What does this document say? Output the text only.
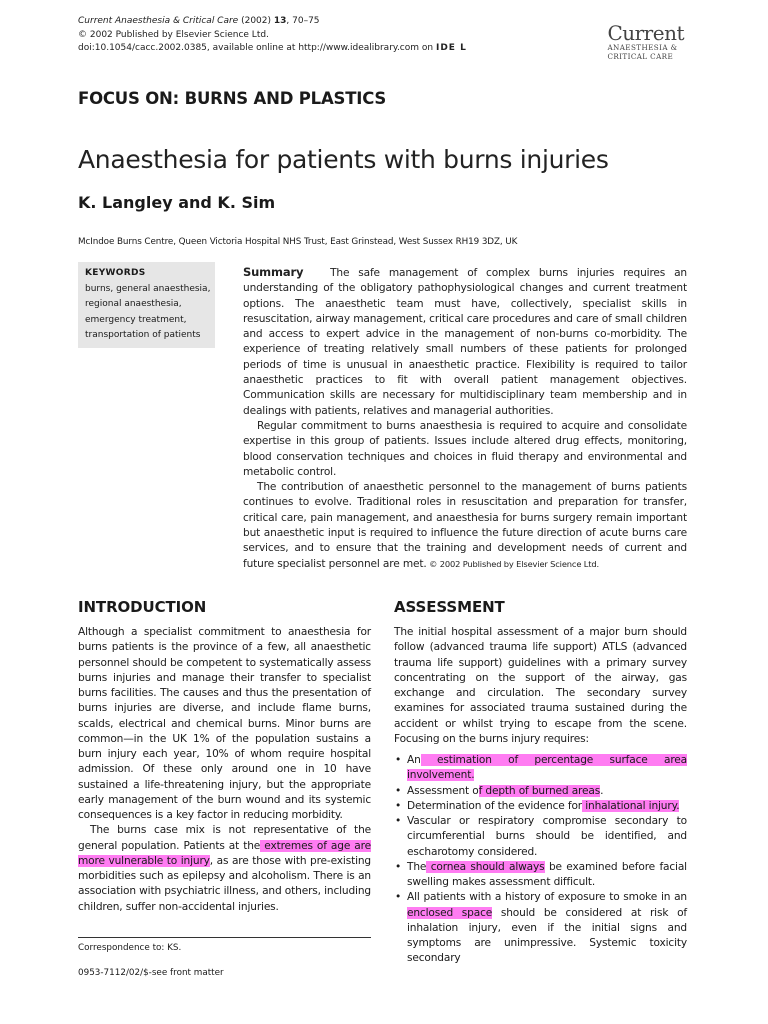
Current Anaesthesia & Critical Care (2002) 13, 70–75
© 2002 Published by Elsevier Science Ltd.
doi:10.1054/cacc.2002.0385, available online at http://www.idealibrary.com on IDE L
Current
ANAESTHESIA &
CRITICAL CARE
FOCUS ON: BURNS AND PLASTICS
Anaesthesia for patients with burns injuries
K. Langley and K. Sim
McIndoe Burns Centre, Queen Victoria Hospital NHS Trust, East Grinstead, West Sussex RH19 3DZ, UK
KEYWORDS
burns, general anaesthesia,
regional anaesthesia,
emergency treatment,
transportation of patients

Summary	The safe management of complex burns injuries requires an understanding of the obligatory pathophysiological changes and current treatment options. The anaesthetic team must have, collectively, specialist skills in resuscitation, airway management, critical care procedures and care of small children and access to expert advice in the management of non-burns co-morbidity. The experience of treating relatively small numbers of these patients for prolonged periods of time is unusual in anaesthetic practice. Flexibility is required to tailor anaesthetic practices to fit with overall patient management objectives. Communication skills are necessary for multidisciplinary team membership and in dealings with patients, relatives and managerial authorities.

Regular commitment to burns anaesthesia is required to acquire and consolidate expertise in this group of patients. Issues include altered drug effects, monitoring, blood conservation techniques and choices in fluid therapy and environmental and metabolic control.

The contribution of anaesthetic personnel to the management of burns patients continues to evolve. Traditional roles in resuscitation and preparation for transfer, critical care, pain management, and anaesthesia for burns surgery remain important but anaesthetic input is required to influence the future direction of acute burns care services, and to ensure that the training and development needs of current and future specialist personnel are met. © 2002 Published by Elsevier Science Ltd.

INTRODUCTION

Although a specialist commitment to anaesthesia for burns patients is the province of a few, all anaesthetic personnel should be competent to systematically assess burns injuries and manage their transfer to specialist burns facilities. The causes and thus the presentation of burns injuries are diverse, and include flame burns, scalds, electrical and chemical burns. Minor burns are common—in the UK 1% of the population sustains a burn injury each year, 10% of whom require hospital admission. Of these only around one in 10 have sustained a life-threatening injury, but the appropriate early management of the burn wound and its systemic consequences is a key factor in reducing morbidity.

The burns case mix is not representative of the general population. Patients at the extremes of age are more vulnerable to injury, as are those with pre-existing morbidities such as epilepsy and alcoholism. There is an association with psychiatric illness, and others, including children, suffer non-accidental injuries.

ASSESSMENT

The initial hospital assessment of a major burn should follow (advanced trauma life support) ATLS (advanced trauma life support) guidelines with a primary survey concentrating on the support of the airway, gas exchange and circulation. The secondary survey examines for associated trauma sustained during the accident or whilst trying to escape from the scene. Focusing on the burns injury requires:

• An estimation of percentage surface area involvement.
• Assessment of depth of burned areas.
• Determination of the evidence for inhalational injury.
• Vascular or respiratory compromise secondary to circumferential burns should be identified, and escharotomy considered.
• The cornea should always be examined before facial swelling makes assessment difficult.
• All patients with a history of exposure to smoke in an enclosed space should be considered at risk of inhalation injury, even if the initial signs and symptoms are unimpressive. Systemic toxicity secondary
Correspondence to: KS.
0953-7112/02/$-see front matter
